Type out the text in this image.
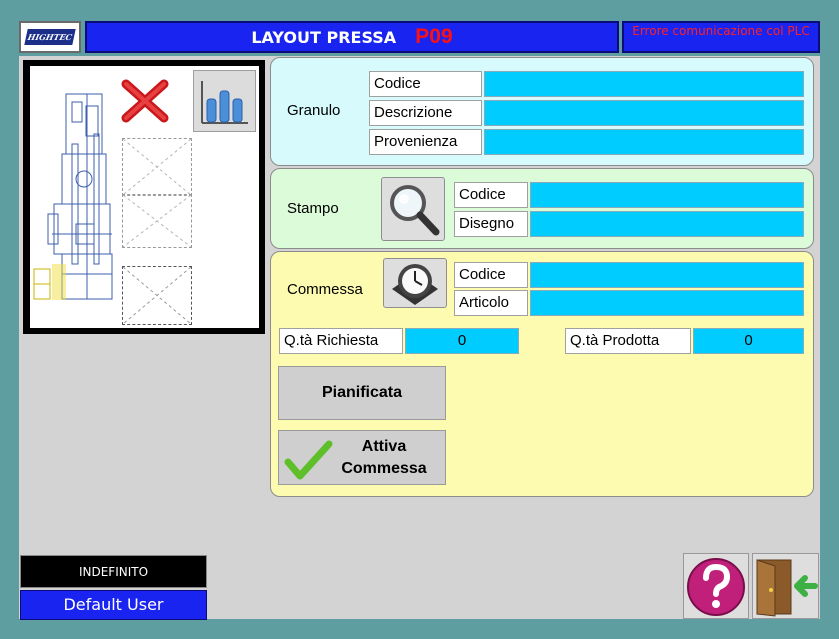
HIGHTEC	LAYOUT PRESSA P09	Errore comunicazione col PLC
Granulo
Codice
Descrizione
Provenienza
Stampo
Codice
Disegno
Commessa
Codice
Articolo
Q.tà Richiesta	0	Q.tà Prodotta	0
Pianificata
Attiva
Commessa
INDEFINITO
Default User
